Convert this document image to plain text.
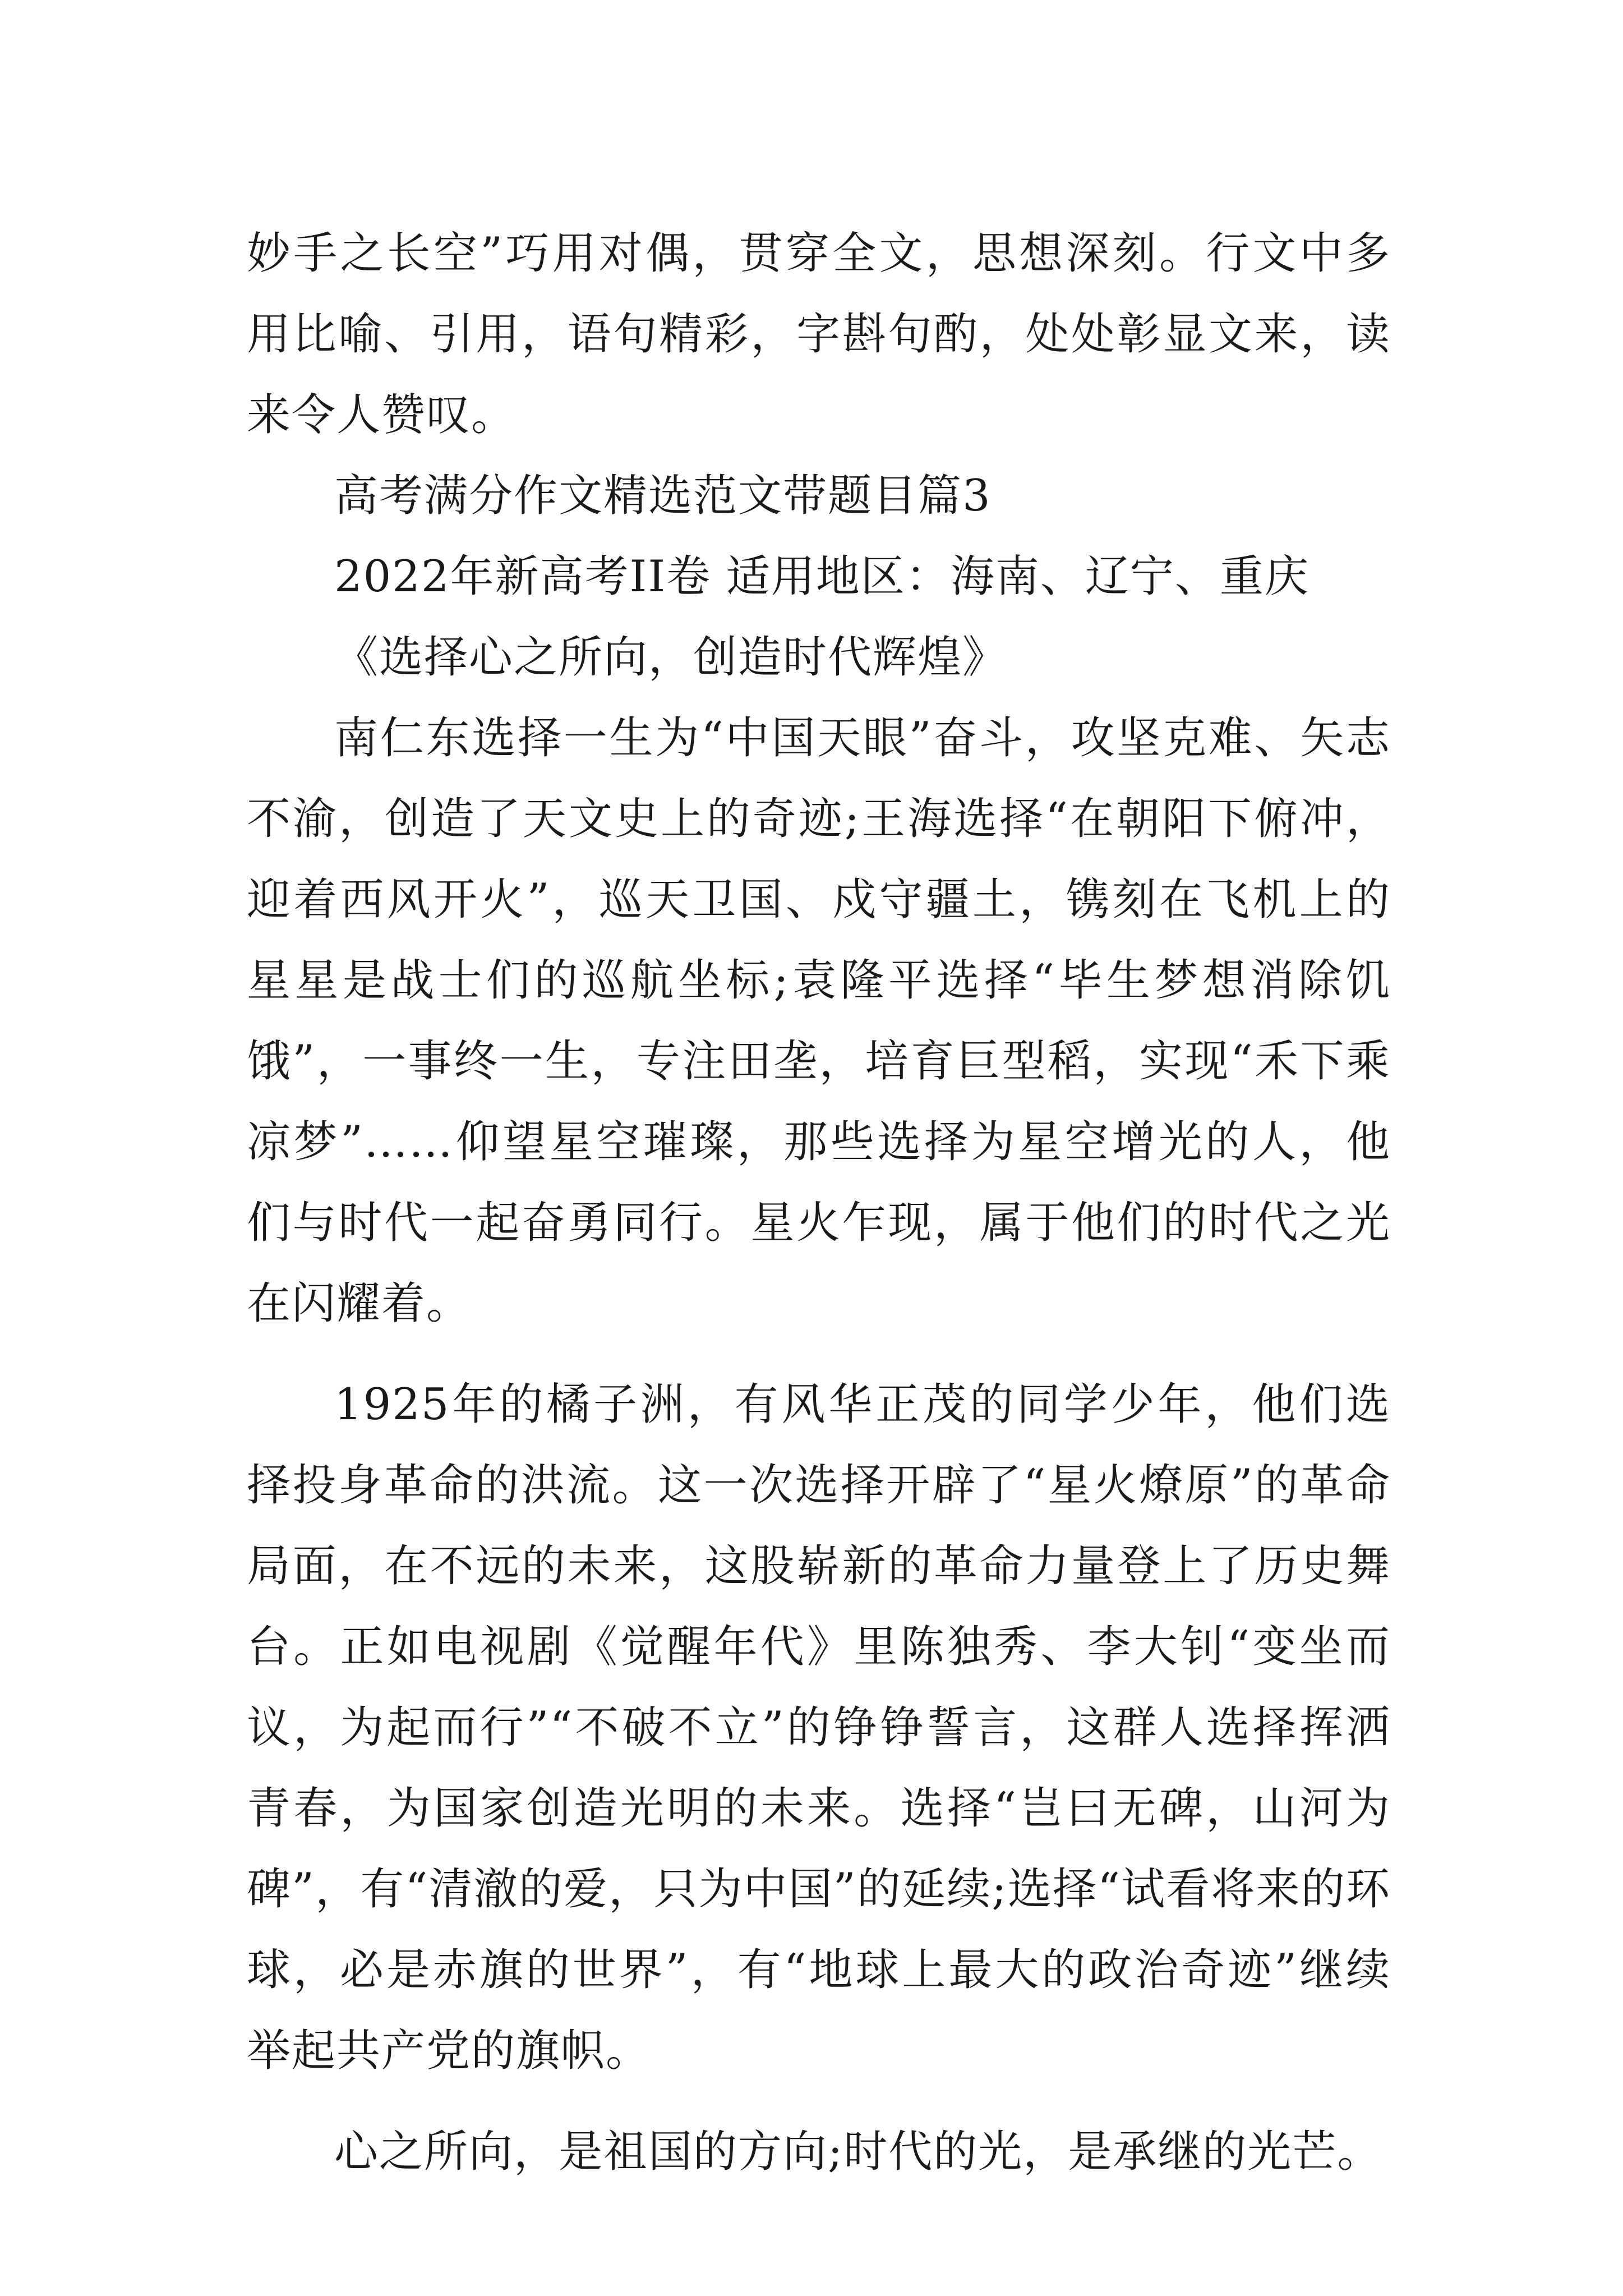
妙手之长空”巧用对偶，贯穿全文，思想深刻。行文中多用比喻、引用，语句精彩，字斟句酌，处处彰显文来，读来令人赞叹。

高考满分作文精选范文带题目篇3

2022年新高考II卷 适用地区：海南、辽宁、重庆

《选择心之所向，创造时代辉煌》

南仁东选择一生为“中国天眼”奋斗，攻坚克难、矢志不渝，创造了天文史上的奇迹;王海选择“在朝阳下俯冲，迎着西风开火”，巡天卫国、戍守疆土，镌刻在飞机上的星星是战士们的巡航坐标;袁隆平选择“毕生梦想消除饥饿”，一事终一生，专注田垄，培育巨型稻，实现“禾下乘凉梦”……仰望星空璀璨，那些选择为星空增光的人，他们与时代一起奋勇同行。星火乍现，属于他们的时代之光在闪耀着。

1925年的橘子洲，有风华正茂的同学少年，他们选择投身革命的洪流。这一次选择开辟了“星火燎原”的革命局面，在不远的未来，这股崭新的革命力量登上了历史舞台。正如电视剧《觉醒年代》里陈独秀、李大钊“变坐而议，为起而行”“不破不立”的铮铮誓言，这群人选择挥洒青春，为国家创造光明的未来。选择“岂曰无碑，山河为碑”，有“清澈的爱，只为中国”的延续;选择“试看将来的环球，必是赤旗的世界”，有“地球上最大的政治奇迹”继续举起共产党的旗帜。

心之所向，是祖国的方向;时代的光，是承继的光芒。
